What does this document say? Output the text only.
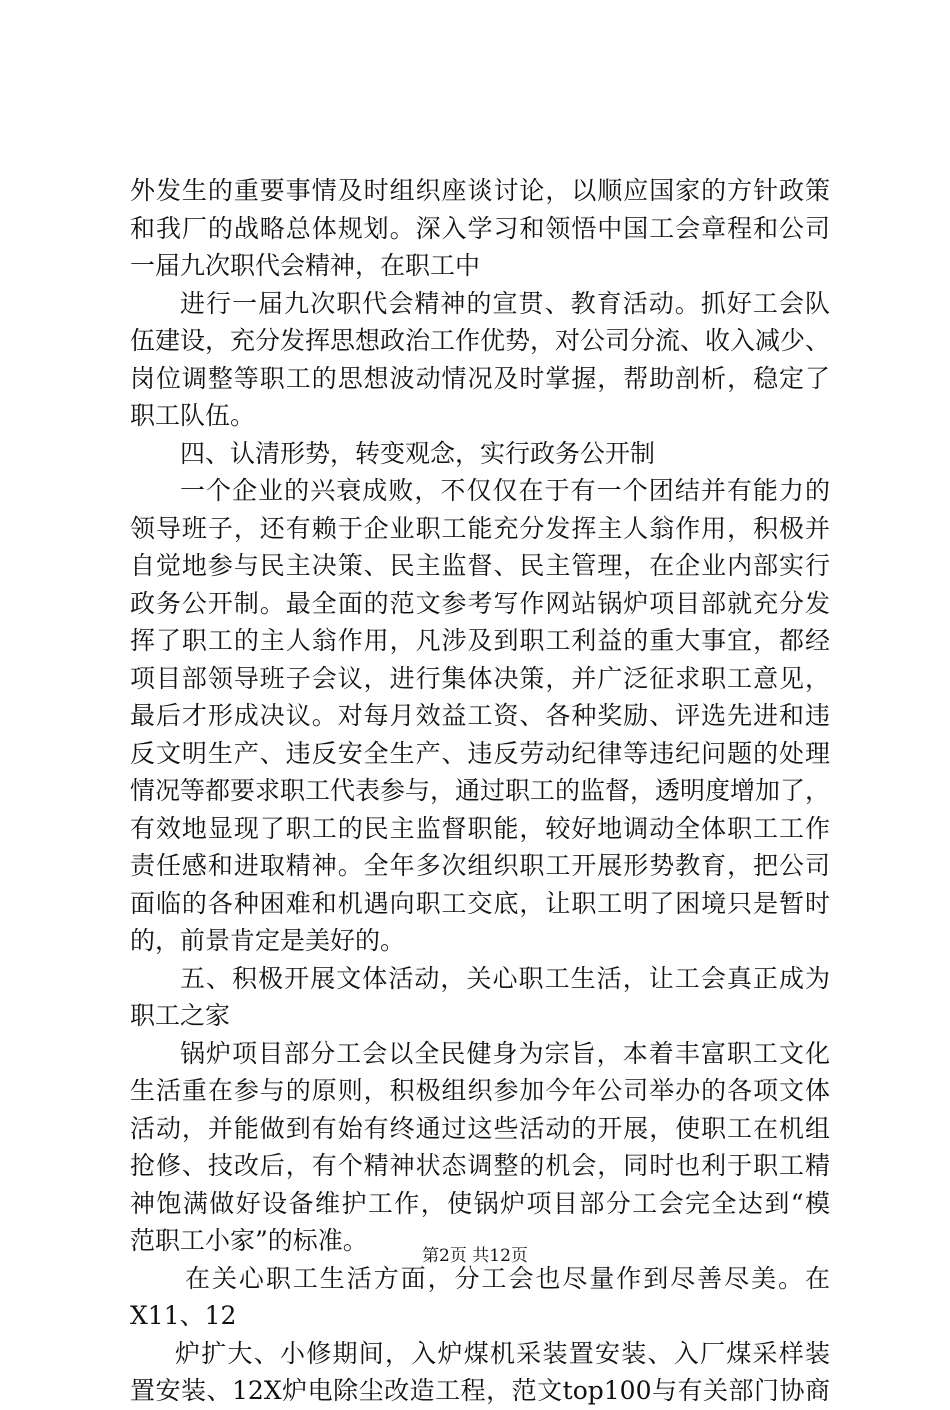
外发生的重要事情及时组织座谈讨论，以顺应国家的方针政策
和我厂的战略总体规划。深入学习和领悟中国工会章程和公司
一届九次职代会精神，在职工中
进行一届九次职代会精神的宣贯、教育活动。抓好工会队
伍建设，充分发挥思想政治工作优势，对公司分流、收入减少、
岗位调整等职工的思想波动情况及时掌握，帮助剖析，稳定了
职工队伍。
四、认清形势，转变观念，实行政务公开制
一个企业的兴衰成败，不仅仅在于有一个团结并有能力的
领导班子，还有赖于企业职工能充分发挥主人翁作用，积极并
自觉地参与民主决策、民主监督、民主管理，在企业内部实行
政务公开制。最全面的范文参考写作网站锅炉项目部就充分发
挥了职工的主人翁作用，凡涉及到职工利益的重大事宜，都经
项目部领导班子会议，进行集体决策，并广泛征求职工意见，
最后才形成决议。对每月效益工资、各种奖励、评选先进和违
反文明生产、违反安全生产、违反劳动纪律等违纪问题的处理
情况等都要求职工代表参与，通过职工的监督，透明度增加了，
有效地显现了职工的民主监督职能，较好地调动全体职工工作
责任感和进取精神。全年多次组织职工开展形势教育，把公司
面临的各种困难和机遇向职工交底，让职工明了困境只是暂时
的，前景肯定是美好的。
五、积极开展文体活动，关心职工生活，让工会真正成为
职工之家
锅炉项目部分工会以全民健身为宗旨，本着丰富职工文化
生活重在参与的原则，积极组织参加今年公司举办的各项文体
活动，并能做到有始有终通过这些活动的开展，使职工在机组
抢修、技改后，有个精神状态调整的机会，同时也利于职工精
神饱满做好设备维护工作，使锅炉项目部分工会完全达到“模
范职工小家”的标准。
在关心职工生活方面，分工会也尽量作到尽善尽美。在
X11、12
炉扩大、小修期间，入炉煤机采装置安装、入厂煤采样装
置安装、12X炉电除尘改造工程，范文top100与有关部门协商
第2页 共12页
